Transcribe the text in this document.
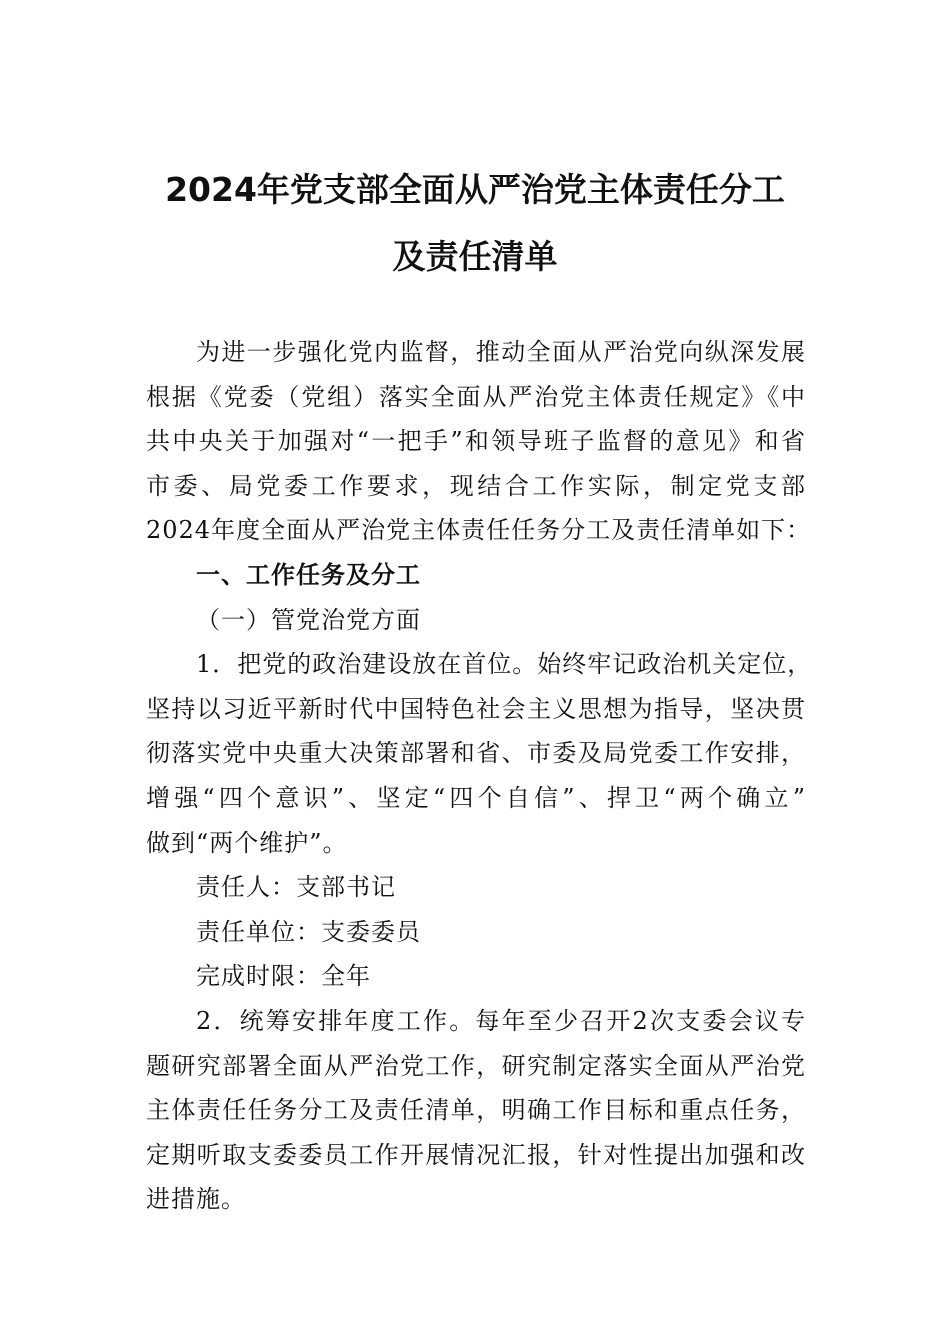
2024年党支部全面从严治党主体责任分工
及责任清单
为进一步强化党内监督，推动全面从严治党向纵深发展
根据《党委（党组）落实全面从严治党主体责任规定》《中
共中央关于加强对“一把手”和领导班子监督的意见》和省
市委、局党委工作要求，现结合工作实际，制定党支部
2024年度全面从严治党主体责任任务分工及责任清单如下：
一、工作任务及分工
（一）管党治党方面
1．把党的政治建设放在首位。始终牢记政治机关定位，
坚持以习近平新时代中国特色社会主义思想为指导，坚决贯
彻落实党中央重大决策部署和省、市委及局党委工作安排，
增强“四个意识”、坚定“四个自信”、捍卫“两个确立”
做到“两个维护”。
责任人：支部书记
责任单位：支委委员
完成时限：全年
2．统筹安排年度工作。每年至少召开2次支委会议专
题研究部署全面从严治党工作，研究制定落实全面从严治党
主体责任任务分工及责任清单，明确工作目标和重点任务，
定期听取支委委员工作开展情况汇报，针对性提出加强和改
进措施。
